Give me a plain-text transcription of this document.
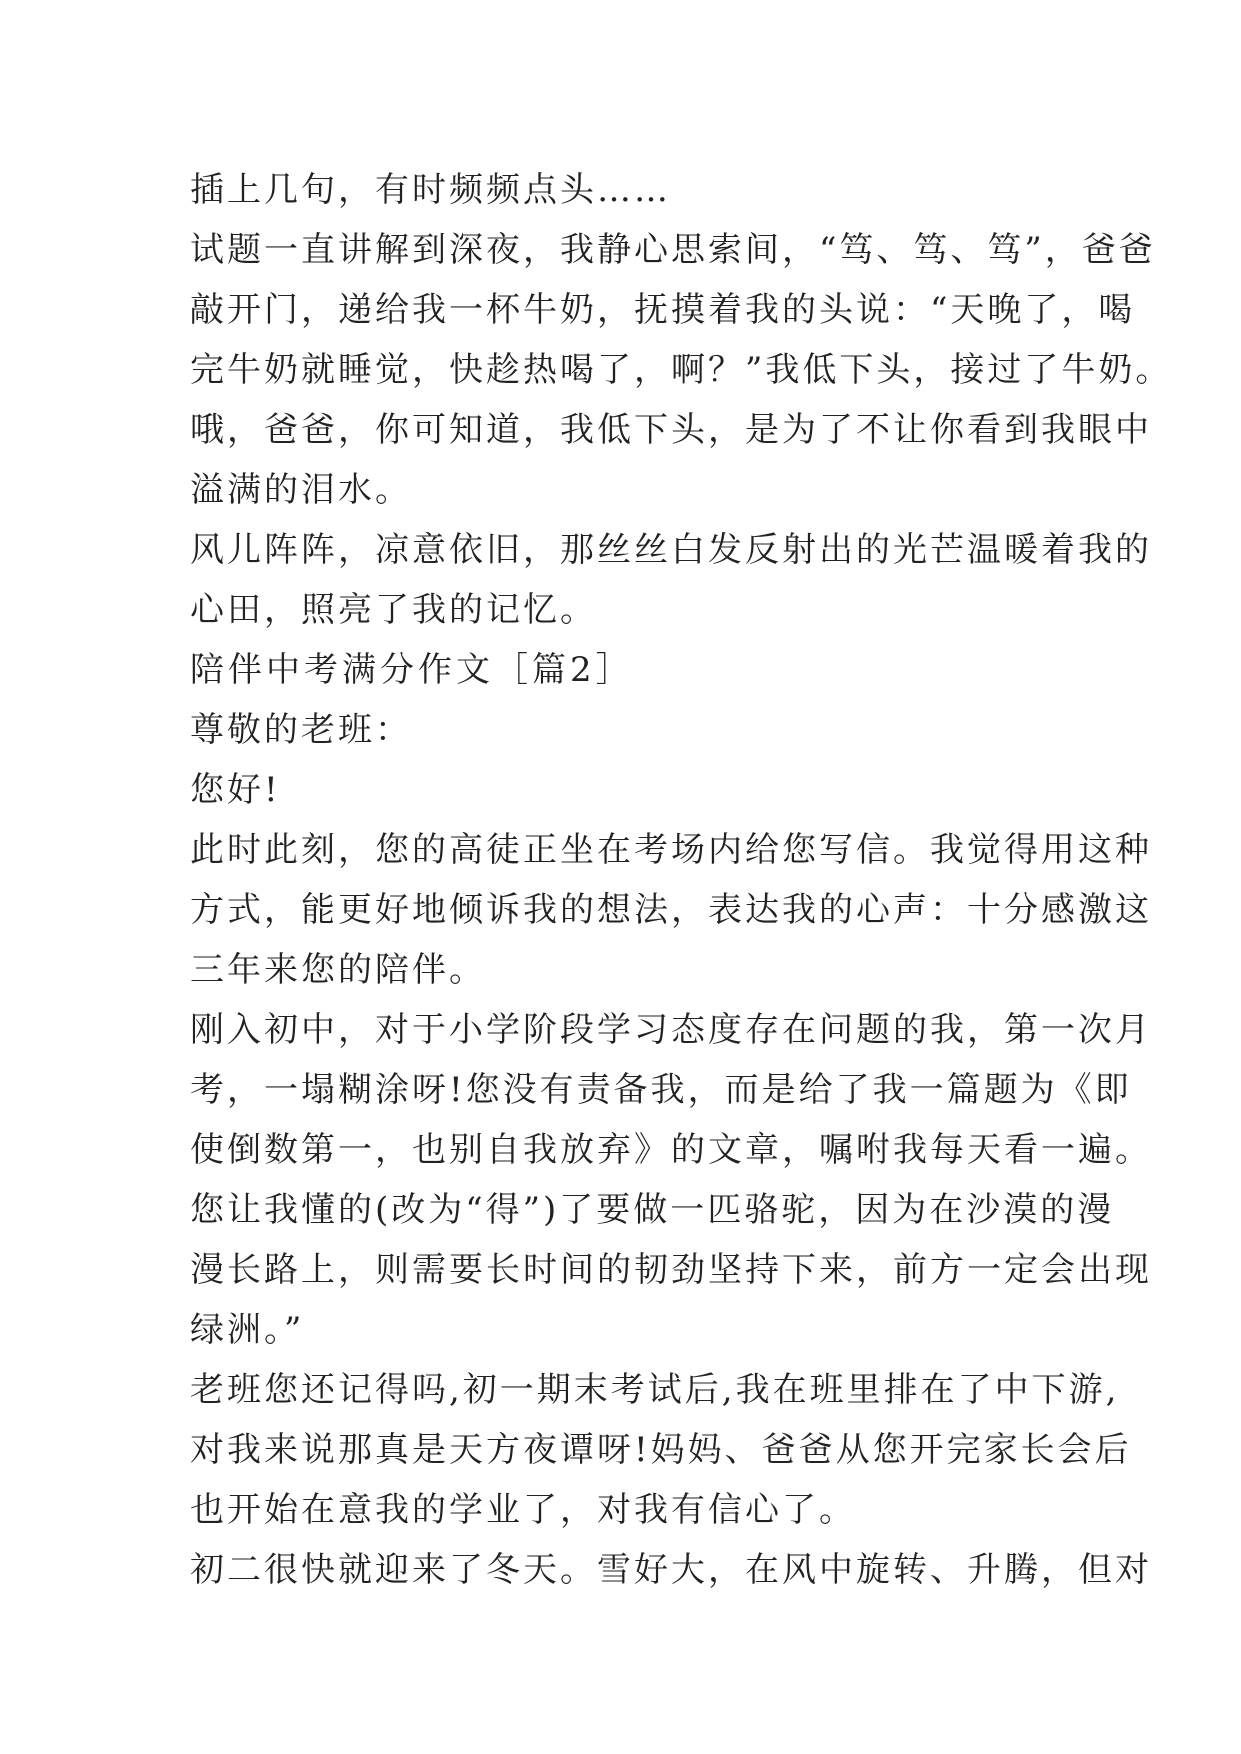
插上几句，有时频频点头……
试题一直讲解到深夜，我静心思索间，“笃、笃、笃”，爸爸
敲开门，递给我一杯牛奶，抚摸着我的头说：“天晚了，喝
完牛奶就睡觉，快趁热喝了，啊？”我低下头，接过了牛奶。
哦，爸爸，你可知道，我低下头，是为了不让你看到我眼中
溢满的泪水。
风儿阵阵，凉意依旧，那丝丝白发反射出的光芒温暖着我的
心田，照亮了我的记忆。
陪伴中考满分作文［篇2］
尊敬的老班：
您好!
此时此刻，您的高徒正坐在考场内给您写信。我觉得用这种
方式，能更好地倾诉我的想法，表达我的心声：十分感激这
三年来您的陪伴。
刚入初中，对于小学阶段学习态度存在问题的我，第一次月
考，一塌糊涂呀!您没有责备我，而是给了我一篇题为《即
使倒数第一，也别自我放弃》的文章，嘱咐我每天看一遍。
您让我懂的(改为“得”)了要做一匹骆驼，因为在沙漠的漫
漫长路上，则需要长时间的韧劲坚持下来，前方一定会出现
绿洲。”
老班您还记得吗,初一期末考试后,我在班里排在了中下游,
对我来说那真是天方夜谭呀!妈妈、爸爸从您开完家长会后
也开始在意我的学业了，对我有信心了。
初二很快就迎来了冬天。雪好大，在风中旋转、升腾，但对
